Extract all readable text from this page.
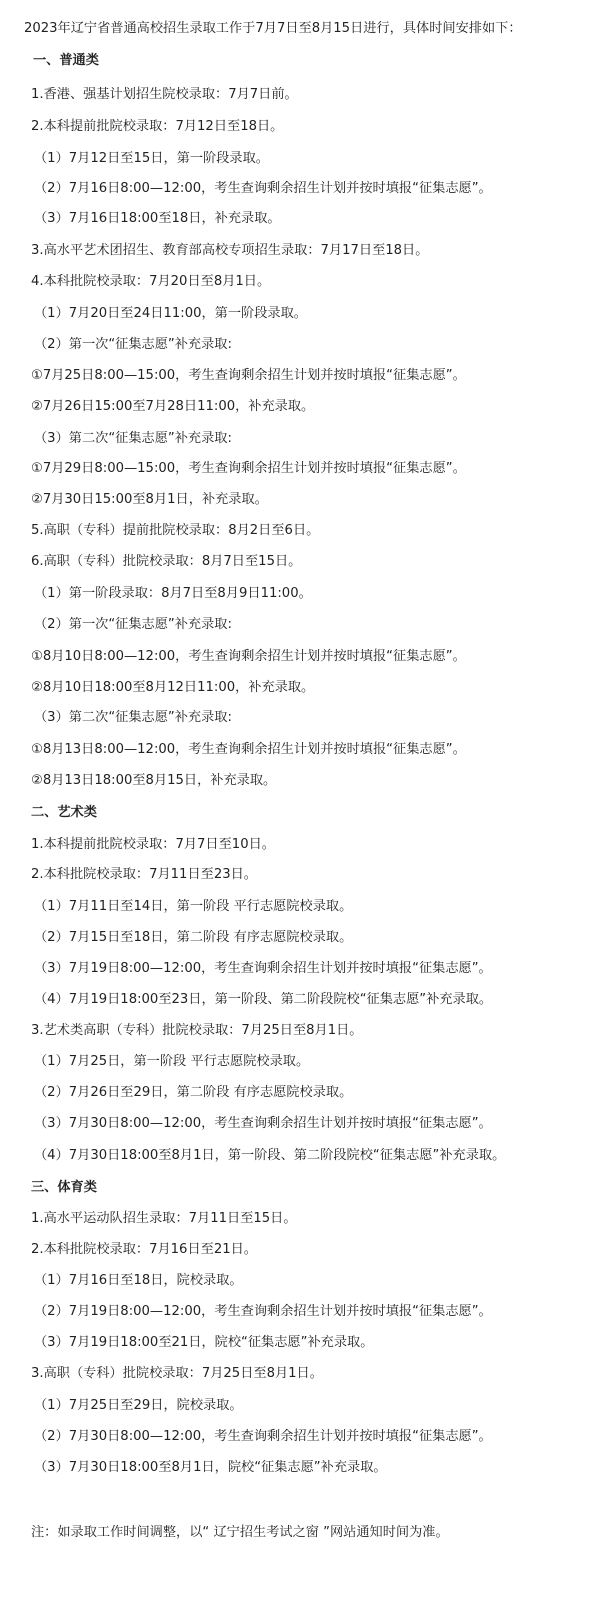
2023年辽宁省普通高校招生录取工作于7月7日至8月15日进行，具体时间安排如下：
一、普通类
1.香港、强基计划招生院校录取：7月7日前。
2.本科提前批院校录取：7月12日至18日。
（1）7月12日至15日，第一阶段录取。
（2）7月16日8:00—12:00，考生查询剩余招生计划并按时填报“征集志愿”。
（3）7月16日18:00至18日，补充录取。
3.高水平艺术团招生、教育部高校专项招生录取：7月17日至18日。
4.本科批院校录取：7月20日至8月1日。
（1）7月20日至24日11:00，第一阶段录取。
（2）第一次“征集志愿”补充录取:
①7月25日8:00—15:00，考生查询剩余招生计划并按时填报“征集志愿”。
②7月26日15:00至7月28日11:00，补充录取。
（3）第二次“征集志愿”补充录取:
①7月29日8:00—15:00，考生查询剩余招生计划并按时填报“征集志愿”。
②7月30日15:00至8月1日，补充录取。
5.高职（专科）提前批院校录取：8月2日至6日。
6.高职（专科）批院校录取：8月7日至15日。
（1）第一阶段录取：8月7日至8月9日11:00。
（2）第一次“征集志愿”补充录取:
①8月10日8:00—12:00，考生查询剩余招生计划并按时填报“征集志愿”。
②8月10日18:00至8月12日11:00，补充录取。
（3）第二次“征集志愿”补充录取:
①8月13日8:00—12:00，考生查询剩余招生计划并按时填报“征集志愿”。
②8月13日18:00至8月15日，补充录取。
二、艺术类
1.本科提前批院校录取：7月7日至10日。
2.本科批院校录取：7月11日至23日。
（1）7月11日至14日，第一阶段 平行志愿院校录取。
（2）7月15日至18日，第二阶段 有序志愿院校录取。
（3）7月19日8:00—12:00，考生查询剩余招生计划并按时填报“征集志愿”。
（4）7月19日18:00至23日，第一阶段、第二阶段院校“征集志愿”补充录取。
3.艺术类高职（专科）批院校录取：7月25日至8月1日。
（1）7月25日，第一阶段 平行志愿院校录取。
（2）7月26日至29日，第二阶段 有序志愿院校录取。
（3）7月30日8:00—12:00，考生查询剩余招生计划并按时填报“征集志愿”。
（4）7月30日18:00至8月1日，第一阶段、第二阶段院校“征集志愿”补充录取。
三、体育类
1.高水平运动队招生录取：7月11日至15日。
2.本科批院校录取：7月16日至21日。
（1）7月16日至18日，院校录取。
（2）7月19日8:00—12:00，考生查询剩余招生计划并按时填报“征集志愿”。
（3）7月19日18:00至21日，院校“征集志愿”补充录取。
3.高职（专科）批院校录取：7月25日至8月1日。
（1）7月25日至29日，院校录取。
（2）7月30日8:00—12:00，考生查询剩余招生计划并按时填报“征集志愿”。
（3）7月30日18:00至8月1日，院校“征集志愿”补充录取。
注：如录取工作时间调整，以“ 辽宁招生考试之窗 ”网站通知时间为准。
